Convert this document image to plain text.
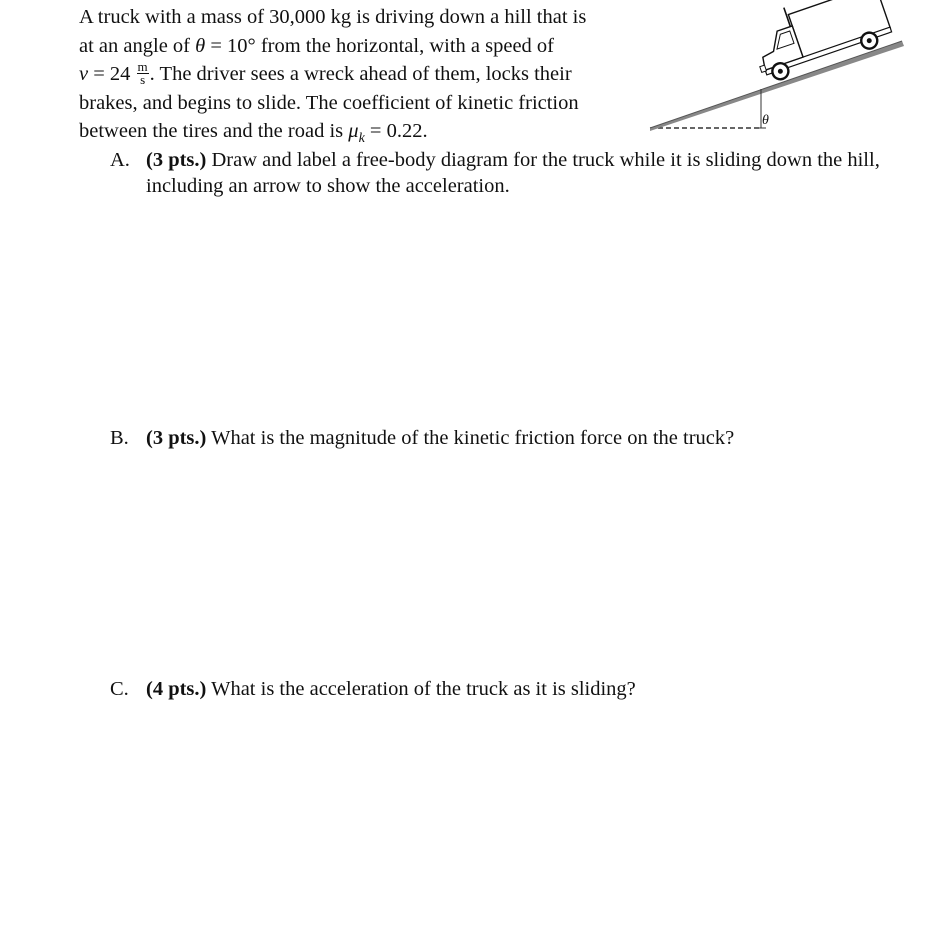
A truck with a mass of 30,000 kg is driving down a hill that is
at an angle of θ = 10° from the horizontal, with a speed of
$v = 24 \frac{m}{s}$ . The driver sees a wreck ahead of them, locks their
brakes, and begins to slide. The coefficient of kinetic friction
between the tires and the road is $\mu_k = 0.22$.	θ
A. (3 pts.) Draw and label a free-body diagram for the truck while it is sliding down the hill,
including an arrow to show the acceleration.
B. (3 pts.) What is the magnitude of the kinetic friction force on the truck?
C. (4 pts.) What is the acceleration of the truck as it is sliding?
